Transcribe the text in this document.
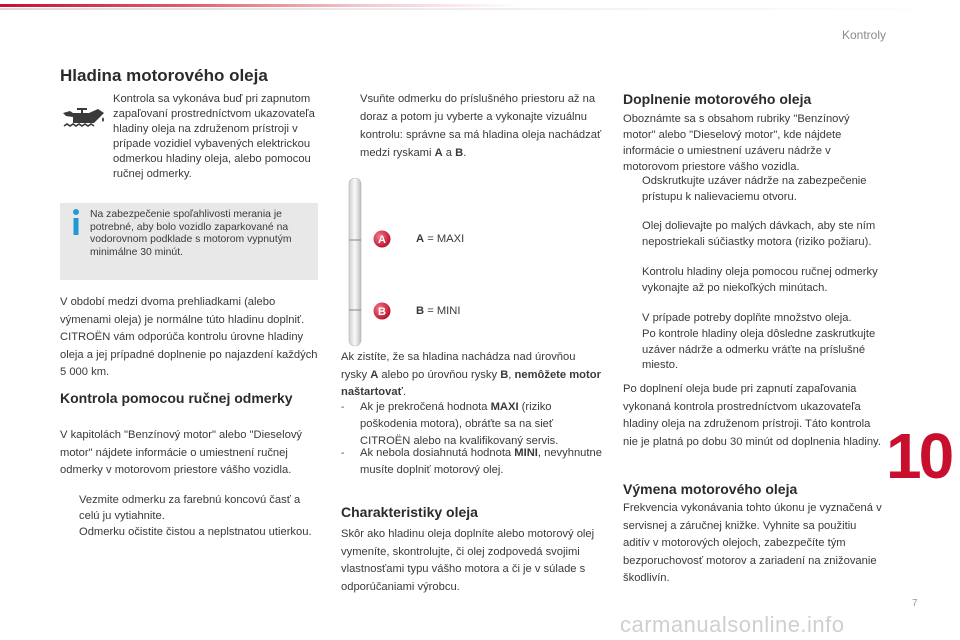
Kontroly
10
7
carmanualsonline.info
Hladina motorového oleja

Kontrola sa vykonáva buď pri zapnutom zapaľovaní prostredníctvom ukazovateľa hladiny oleja na združenom prístroji v prípade vozidiel vybavených elektrickou odmerkou hladiny oleja, alebo pomocou ručnej odmerky.

Na zabezpečenie spoľahlivosti merania je potrebné, aby bolo vozidlo zaparkované na vodorovnom podklade s motorom vypnutým minimálne 30 minút.

V období medzi dvoma prehliadkami (alebo výmenami oleja) je normálne túto hladinu doplniť. CITROËN vám odporúča kontrolu úrovne hladiny oleja a jej prípadné doplnenie po najazdení každých 5 000 km.

Kontrola pomocou ručnej odmerky

V kapitolách "Benzínový motor" alebo "Dieselový motor" nájdete informácie o umiestnení ručnej odmerky v motorovom priestore vášho vozidla.

Vezmite odmerku za farebnú koncovú časť a celú ju vytiahnite.
Odmerku očistite čistou a neplstnatou utierkou.
Vsuňte odmerku do príslušného priestoru až na doraz a potom ju vyberte a vykonajte vizuálnu kontrolu: správne sa má hladina oleja nachádzať medzi ryskami A a B.
A
B
A = MAXI
B = MINI

Ak zistíte, že sa hladina nachádza nad úrovňou rysky A alebo po úrovňou rysky B, nemôžete motor naštartovať.

-	Ak je prekročená hodnota MAXI (riziko poškodenia motora), obráťte sa na sieť CITROËN alebo na kvalifikovaný servis.
-	Ak nebola dosiahnutá hodnota MINI, nevyhnutne musíte doplniť motorový olej.
Charakteristiky oleja

Skôr ako hladinu oleja doplníte alebo motorový olej vymeníte, skontrolujte, či olej zodpovedá svojimi vlastnosťami typu vášho motora a či je v súlade s odporúčaniami výrobcu.

Doplnenie motorového oleja

Oboznámte sa s obsahom rubriky "Benzínový motor" alebo "Dieselový motor", kde nájdete informácie o umiestnení uzáveru nádrže v motorovom priestore vášho vozidla.

Odskrutkujte uzáver nádrže na zabezpečenie prístupu k nalievaciemu otvoru.
Olej dolievajte po malých dávkach, aby ste ním nepostriekali súčiastky motora (riziko požiaru).
Kontrolu hladiny oleja pomocou ručnej odmerky vykonajte až po niekoľkých minútach.
V prípade potreby doplňte množstvo oleja.
Po kontrole hladiny oleja dôsledne zaskrutkujte uzáver nádrže a odmerku vráťte na príslušné miesto.

Po doplnení oleja bude pri zapnutí zapaľovania vykonaná kontrola prostredníctvom ukazovateľa hladiny oleja na združenom prístroji. Táto kontrola nie je platná po dobu 30 minút od doplnenia hladiny.

Výmena motorového oleja

Frekvencia vykonávania tohto úkonu je vyznačená v servisnej a záručnej knižke. Vyhnite sa použitiu aditív v motorových olejoch, zabezpečíte tým bezporuchovosť motorov a zariadení na znižovanie škodlivín.
